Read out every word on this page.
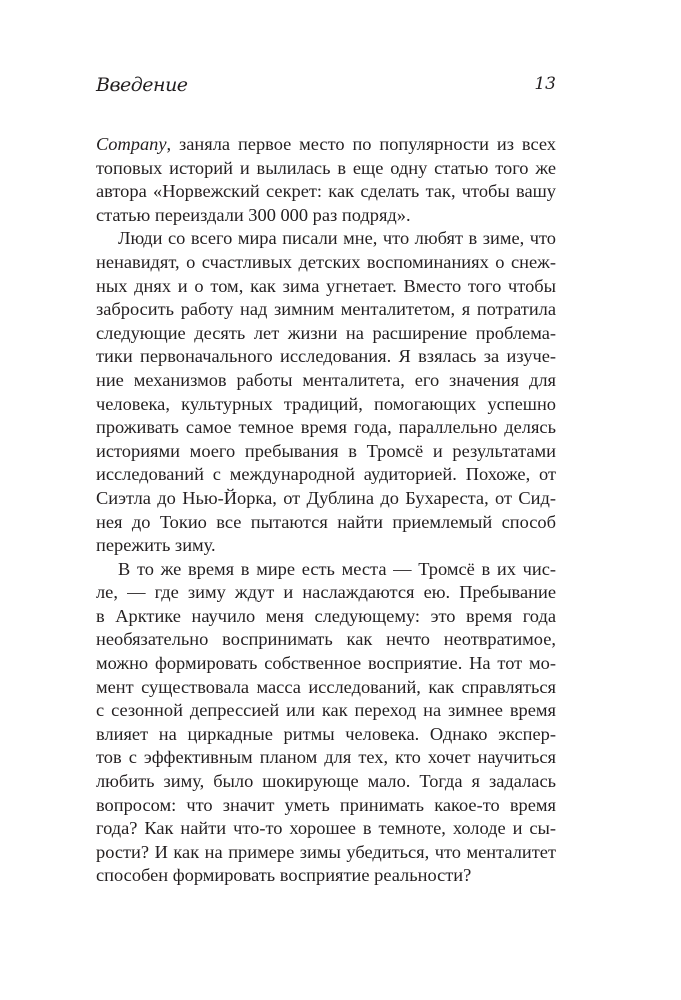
Введение	13
Company, заняла первое место по популярности из всех
топовых историй и вылилась в еще одну статью того же
автора «Норвежский секрет: как сделать так, чтобы вашу
статью переиздали 300 000 раз подряд».
Люди со всего мира писали мне, что любят в зиме, что
ненавидят, о счастливых детских воспоминаниях о снеж-
ных днях и о том, как зима угнетает. Вместо того чтобы
забросить работу над зимним менталитетом, я потратила
следующие десять лет жизни на расширение проблема-
тики первоначального исследования. Я взялась за изуче-
ние механизмов работы менталитета, его значения для
человека, культурных традиций, помогающих успешно
проживать самое темное время года, параллельно делясь
историями моего пребывания в Тромсё и результатами
исследований с международной аудиторией. Похоже, от
Сиэтла до Нью-Йорка, от Дублина до Бухареста, от Сид-
нея до Токио все пытаются найти приемлемый способ
пережить зиму.
В то же время в мире есть места — Тромсё в их чис-
ле, — где зиму ждут и наслаждаются ею. Пребывание
в Арктике научило меня следующему: это время года
необязательно воспринимать как нечто неотвратимое,
можно формировать собственное восприятие. На тот мо-
мент существовала масса исследований, как справляться
с сезонной депрессией или как переход на зимнее время
влияет на циркадные ритмы человека. Однако экспер-
тов с эффективным планом для тех, кто хочет научиться
любить зиму, было шокирующе мало. Тогда я задалась
вопросом: что значит уметь принимать какое-то время
года? Как найти что-то хорошее в темноте, холоде и сы-
рости? И как на примере зимы убедиться, что менталитет
способен формировать восприятие реальности?
